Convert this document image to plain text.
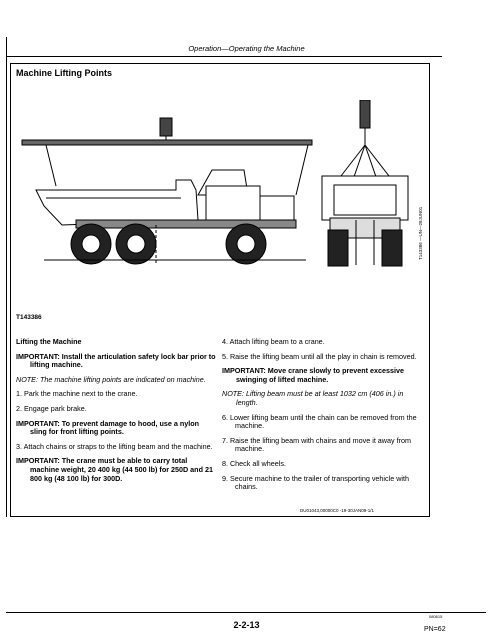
Operation—Operating the Machine
Machine Lifting Points
T143386
T143386 —UN—28JUN01

Lifting the Machine

IMPORTANT: Install the articulation safety lock bar prior to lifting machine.

NOTE: The machine lifting points are indicated on machine.

1. Park the machine next to the crane.

2. Engage park brake.

IMPORTANT: To prevent damage to hood, use a nylon sling for front lifting points.

3. Attach chains or straps to the lifting beam and the machine.

IMPORTANT: The crane must be able to carry total machine weight, 20 400 kg (44 500 lb) for 250D and 21 800 kg (48 100 lb) for 300D.

4. Attach lifting beam to a crane.

5. Raise the lifting beam until all the play in chain is removed.

IMPORTANT: Move crane slowly to prevent excessive swinging of lifted machine.

NOTE: Lifting beam must be at least 1032 cm (406 in.) in length.

6. Lower lifting beam until the chain can be removed from the machine.

7. Raise the lifting beam with chains and move it away from machine.

8. Check all wheels.

9. Secure machine to the trailer of transporting vehicle with chains.

DU01043,00000C0 -19-30JAN09-1/1
080615
2-2-13	PN=62
